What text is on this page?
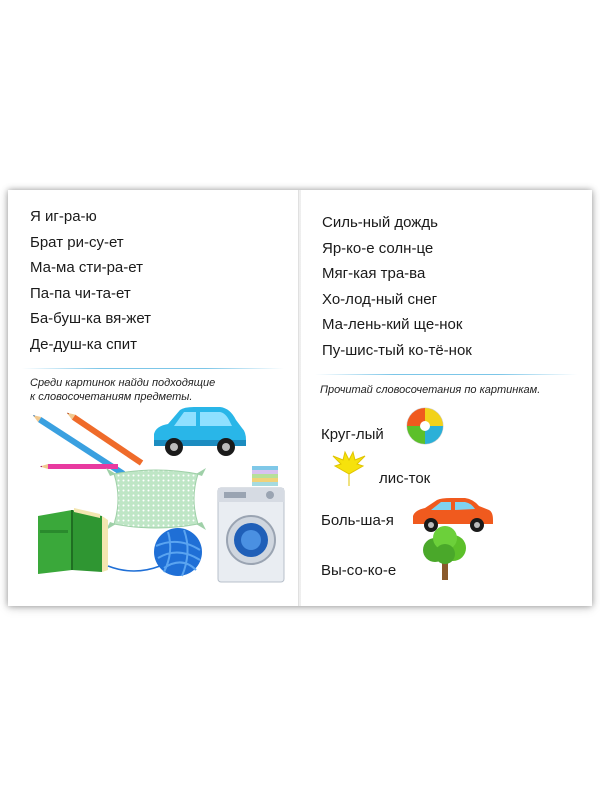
Я иг-ра-ю
Брат ри-су-ет
Ма-ма сти-ра-ет
Па-па чи-та-ет
Ба-буш-ка вя-жет
Де-душ-ка спит
Среди картинок найди подходящие
к словосочетаниям предметы.
Силь-ный дождь
Яр-ко-е солн-це
Мяг-кая тра-ва
Хо-лод-ный снег
Ма-лень-кий ще-нок
Пу-шис-тый ко-тё-нок
Прочитай словосочетания по картинкам.
Круг-лый
лис-ток
Боль-ша-я
Вы-со-ко-е
